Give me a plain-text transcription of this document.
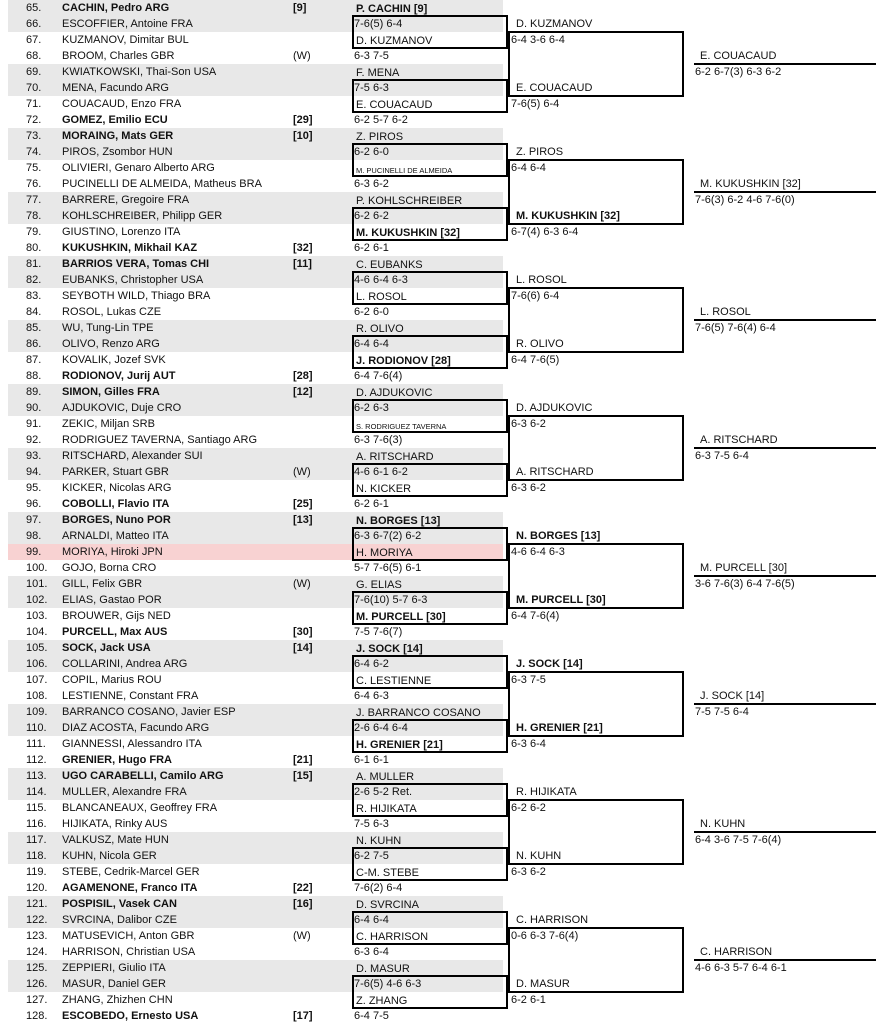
65.	CACHIN, Pedro ARG	[9]
66.	ESCOFFIER, Antoine FRA
67.	KUZMANOV, Dimitar BUL
68.	BROOM, Charles GBR	(W)
69.	KWIATKOWSKI, Thai-Son USA
70.	MENA, Facundo ARG
71.	COUACAUD, Enzo FRA
72.	GOMEZ, Emilio ECU	[29]
73.	MORAING, Mats GER	[10]
74.	PIROS, Zsombor HUN
75.	OLIVIERI, Genaro Alberto ARG
76.	PUCINELLI DE ALMEIDA, Matheus BRA
77.	BARRERE, Gregoire FRA
78.	KOHLSCHREIBER, Philipp GER
79.	GIUSTINO, Lorenzo ITA
80.	KUKUSHKIN, Mikhail KAZ	[32]
81.	BARRIOS VERA, Tomas CHI	[11]
82.	EUBANKS, Christopher USA
83.	SEYBOTH WILD, Thiago BRA
84.	ROSOL, Lukas CZE
85.	WU, Tung-Lin TPE
86.	OLIVO, Renzo ARG
87.	KOVALIK, Jozef SVK
88.	RODIONOV, Jurij AUT	[28]
89.	SIMON, Gilles FRA	[12]
90.	AJDUKOVIC, Duje CRO
91.	ZEKIC, Miljan SRB
92.	RODRIGUEZ TAVERNA, Santiago ARG
93.	RITSCHARD, Alexander SUI
94.	PARKER, Stuart GBR	(W)
95.	KICKER, Nicolas ARG
96.	COBOLLI, Flavio ITA	[25]
97.	BORGES, Nuno POR	[13]
98.	ARNALDI, Matteo ITA
99.	MORIYA, Hiroki JPN
100.	GOJO, Borna CRO
101.	GILL, Felix GBR	(W)
102.	ELIAS, Gastao POR
103.	BROUWER, Gijs NED
104.	PURCELL, Max AUS	[30]
105.	SOCK, Jack USA	[14]
106.	COLLARINI, Andrea ARG
107.	COPIL, Marius ROU
108.	LESTIENNE, Constant FRA
109.	BARRANCO COSANO, Javier ESP
110.	DIAZ ACOSTA, Facundo ARG
111.	GIANNESSI, Alessandro ITA
112.	GRENIER, Hugo FRA	[21]
113.	UGO CARABELLI, Camilo ARG	[15]
114.	MULLER, Alexandre FRA
115.	BLANCANEAUX, Geoffrey FRA
116.	HIJIKATA, Rinky AUS
117.	VALKUSZ, Mate HUN
118.	KUHN, Nicola GER
119.	STEBE, Cedrik-Marcel GER
120.	AGAMENONE, Franco ITA	[22]
121.	POSPISIL, Vasek CAN	[16]
122.	SVRCINA, Dalibor CZE
123.	MATUSEVICH, Anton GBR	(W)
124.	HARRISON, Christian USA
125.	ZEPPIERI, Giulio ITA
126.	MASUR, Daniel GER
127.	ZHANG, Zhizhen CHN
128.	ESCOBEDO, Ernesto USA	[17]
P. CACHIN [9]
7-6(5) 6-4
D. KUZMANOV
6-3 7-5
F. MENA
7-5 6-3
E. COUACAUD
6-2 5-7 6-2
Z. PIROS
6-2 6-0
M. PUCINELLI DE ALMEIDA
6-3 6-2
P. KOHLSCHREIBER
6-2 6-2
M. KUKUSHKIN [32]
6-2 6-1
C. EUBANKS
4-6 6-4 6-3
L. ROSOL
6-2 6-0
R. OLIVO
6-4 6-4
J. RODIONOV [28]
6-4 7-6(4)
D. AJDUKOVIC
6-2 6-3
S. RODRIGUEZ TAVERNA
6-3 7-6(3)
A. RITSCHARD
4-6 6-1 6-2
N. KICKER
6-2 6-1
N. BORGES [13]
6-3 6-7(2) 6-2
H. MORIYA
5-7 7-6(5) 6-1
G. ELIAS
7-6(10) 5-7 6-3
M. PURCELL [30]
7-5 7-6(7)
J. SOCK [14]
6-4 6-2
C. LESTIENNE
6-4 6-3
J. BARRANCO COSANO
2-6 6-4 6-4
H. GRENIER [21]
6-1 6-1
A. MULLER
2-6 5-2 Ret.
R. HIJIKATA
7-5 6-3
N. KUHN
6-2 7-5
C-M. STEBE
7-6(2) 6-4
D. SVRCINA
6-4 6-4
C. HARRISON
6-3 6-4
D. MASUR
7-6(5) 4-6 6-3
Z. ZHANG
6-4 7-5
D. KUZMANOV
6-4 3-6 6-4
E. COUACAUD
7-6(5) 6-4
Z. PIROS
6-4 6-4
M. KUKUSHKIN [32]
6-7(4) 6-3 6-4
L. ROSOL
7-6(6) 6-4
R. OLIVO
6-4 7-6(5)
D. AJDUKOVIC
6-3 6-2
A. RITSCHARD
6-3 6-2
N. BORGES [13]
4-6 6-4 6-3
M. PURCELL [30]
6-4 7-6(4)
J. SOCK [14]
6-3 7-5
H. GRENIER [21]
6-3 6-4
R. HIJIKATA
6-2 6-2
N. KUHN
6-3 6-2
C. HARRISON
0-6 6-3 7-6(4)
D. MASUR
6-2 6-1
E. COUACAUD
6-2 6-7(3) 6-3 6-2
M. KUKUSHKIN [32]
7-6(3) 6-2 4-6 7-6(0)
L. ROSOL
7-6(5) 7-6(4) 6-4
A. RITSCHARD
6-3 7-5 6-4
M. PURCELL [30]
3-6 7-6(3) 6-4 7-6(5)
J. SOCK [14]
7-5 7-5 6-4
N. KUHN
6-4 3-6 7-5 7-6(4)
C. HARRISON
4-6 6-3 5-7 6-4 6-1
